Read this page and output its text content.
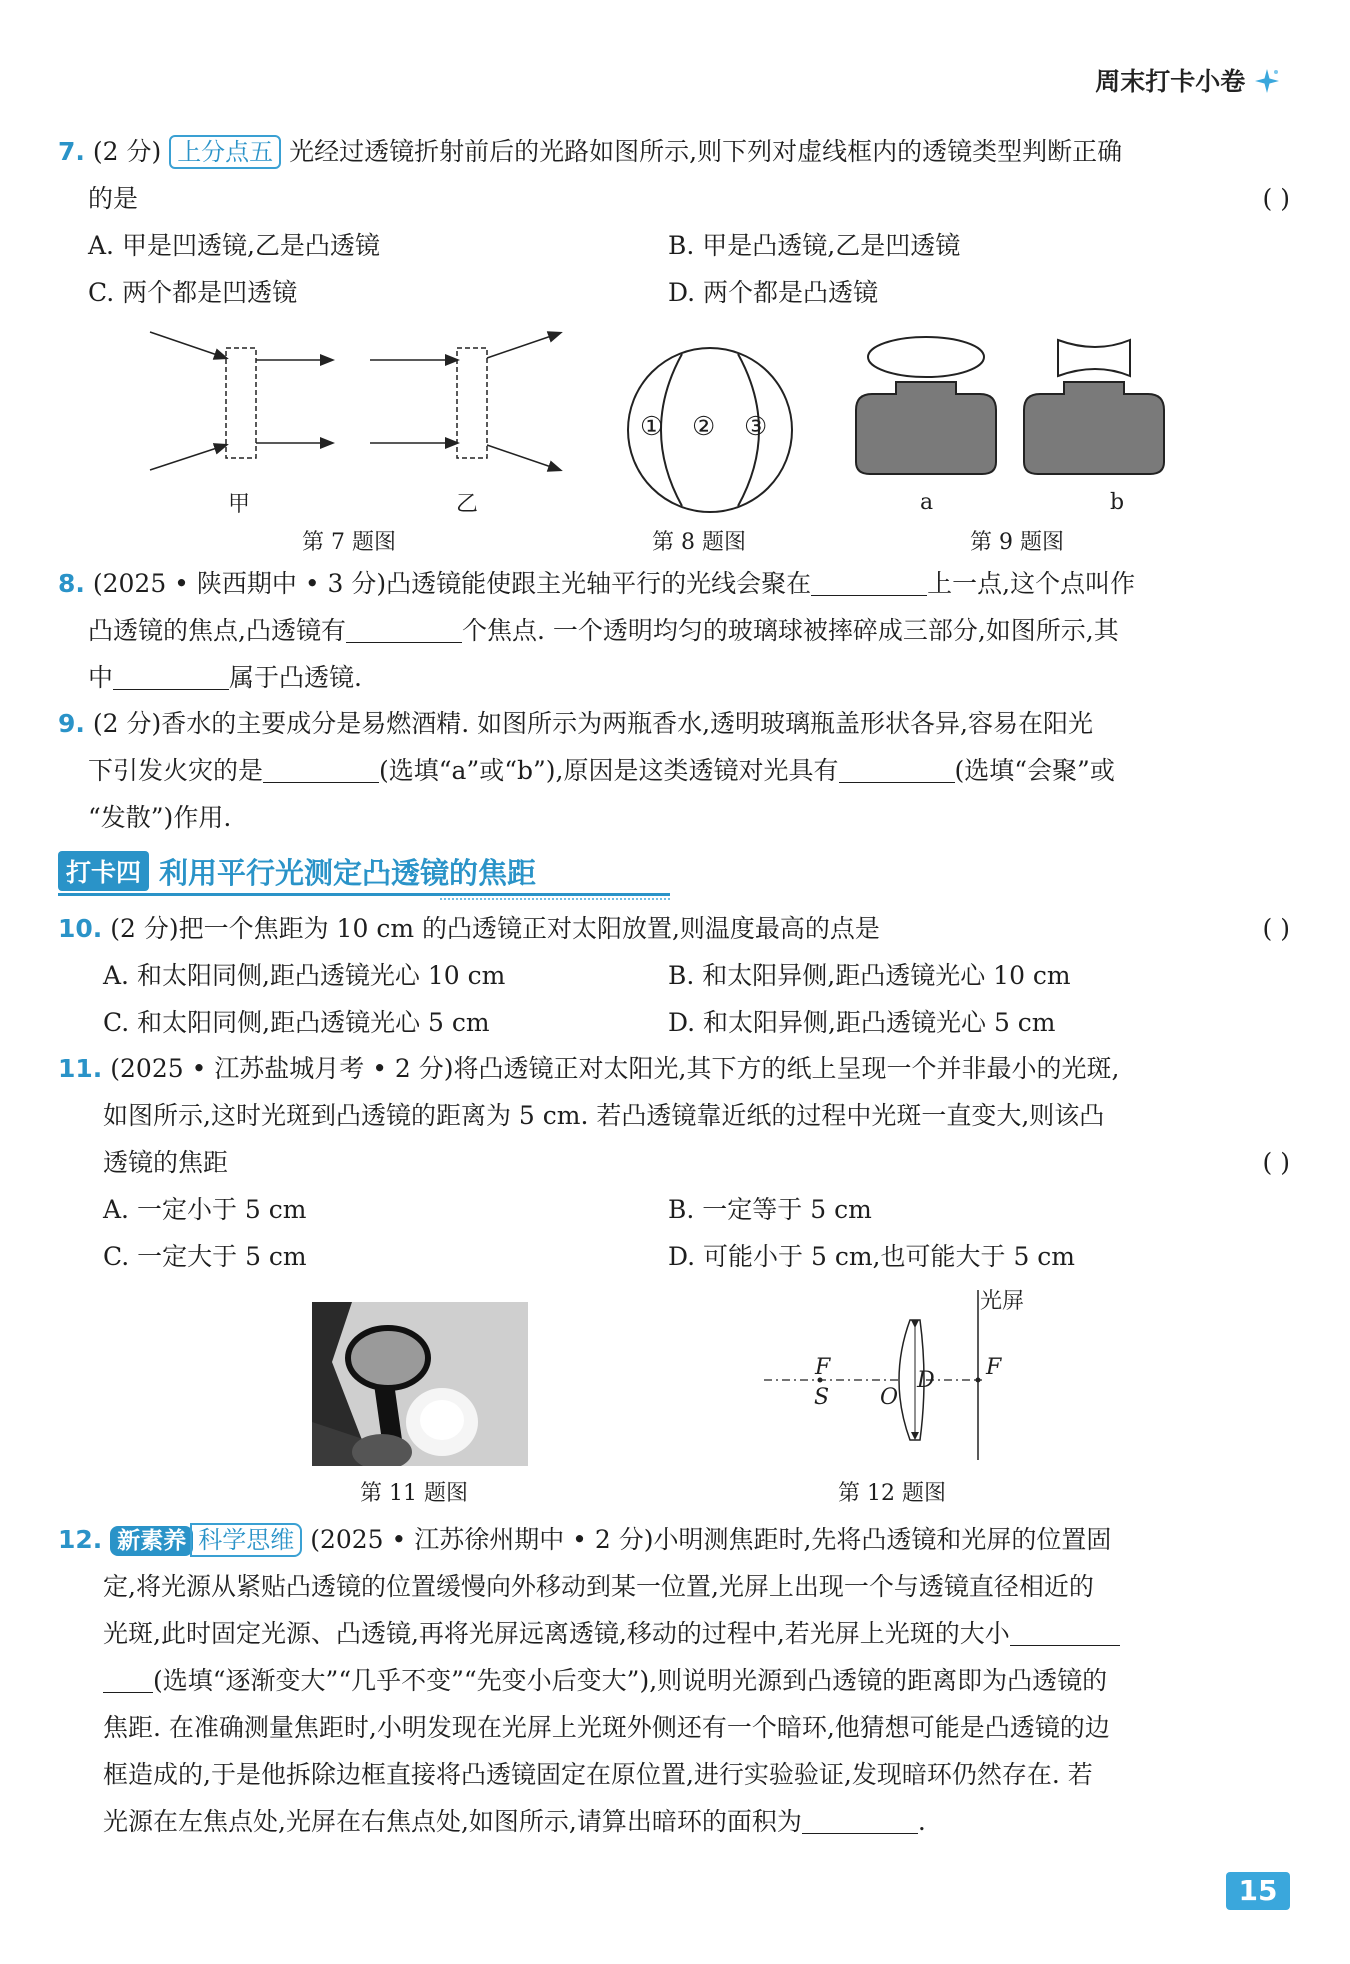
周末打卡小卷
7. (2 分) 上分点五 光经过透镜折射前后的光路如图所示,则下列对虚线框内的透镜类型判断正确
的是	( )
A. 甲是凹透镜,乙是凸透镜	B. 甲是凸透镜,乙是凹透镜
C. 两个都是凹透镜	D. 两个都是凸透镜
甲	乙
第 7 题图
① ② ③
第 8 题图
a	b
第 9 题图
8. (2025 • 陕西期中 • 3 分)凸透镜能使跟主光轴平行的光线会聚在	上一点,这个点叫作
凸透镜的焦点,凸透镜有	个焦点. 一个透明均匀的玻璃球被摔碎成三部分,如图所示,其
中	属于凸透镜.
9. (2 分)香水的主要成分是易燃酒精. 如图所示为两瓶香水,透明玻璃瓶盖形状各异,容易在阳光
下引发火灾的是	(选填“a”或“b”),原因是这类透镜对光具有	(选填“会聚”或
“发散”)作用.
打卡四 利用平行光测定凸透镜的焦距
10. (2 分)把一个焦距为 10 cm 的凸透镜正对太阳放置,则温度最高的点是	( )
A. 和太阳同侧,距凸透镜光心 10 cm	B. 和太阳异侧,距凸透镜光心 10 cm
C. 和太阳同侧,距凸透镜光心 5 cm	D. 和太阳异侧,距凸透镜光心 5 cm
11. (2025 • 江苏盐城月考 • 2 分)将凸透镜正对太阳光,其下方的纸上呈现一个并非最小的光斑,
如图所示,这时光斑到凸透镜的距离为 5 cm. 若凸透镜靠近纸的过程中光斑一直变大,则该凸
透镜的焦距	( )
A. 一定小于 5 cm	B. 一定等于 5 cm
C. 一定大于 5 cm	D. 可能小于 5 cm,也可能大于 5 cm
第 11 题图
光屏
F
S O
D
F
第 12 题图
12. 新素养 科学思维 (2025 • 江苏徐州期中 • 2 分)小明测焦距时,先将凸透镜和光屏的位置固
定,将光源从紧贴凸透镜的位置缓慢向外移动到某一位置,光屏上出现一个与透镜直径相近的
光斑,此时固定光源、凸透镜,再将光屏远离透镜,移动的过程中,若光屏上光斑的大小
(选填“逐渐变大”“几乎不变”“先变小后变大”),则说明光源到凸透镜的距离即为凸透镜的
焦距. 在准确测量焦距时,小明发现在光屏上光斑外侧还有一个暗环,他猜想可能是凸透镜的边
框造成的,于是他拆除边框直接将凸透镜固定在原位置,进行实验验证,发现暗环仍然存在. 若
光源在左焦点处,光屏在右焦点处,如图所示,请算出暗环的面积为	.
15
